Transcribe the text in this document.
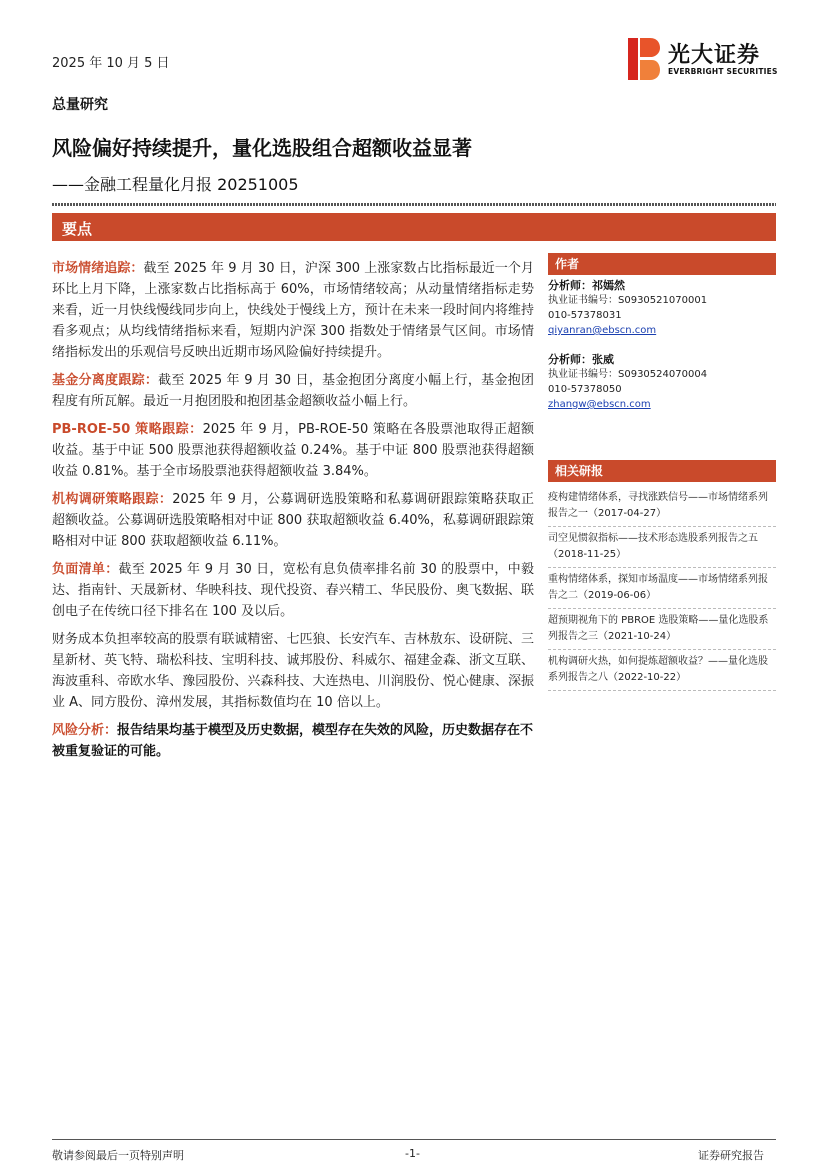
2025 年 10 月 5 日	光大证券
EVERBRIGHT SECURITIES
总量研究
风险偏好持续提升，量化选股组合超额收益显著
——金融工程量化月报 20251005
要点

市场情绪追踪：截至 2025 年 9 月 30 日，沪深 300 上涨家数占比指标最近一个月环比上月下降，上涨家数占比指标高于 60%，市场情绪较高；从动量情绪指标走势来看，近一月快线慢线同步向上，快线处于慢线上方，预计在未来一段时间内将维持看多观点；从均线情绪指标来看，短期内沪深 300 指数处于情绪景气区间。市场情绪指标发出的乐观信号反映出近期市场风险偏好持续提升。

基金分离度跟踪：截至 2025 年 9 月 30 日，基金抱团分离度小幅上行，基金抱团程度有所瓦解。最近一月抱团股和抱团基金超额收益小幅上行。

PB-ROE-50 策略跟踪：2025 年 9 月，PB-ROE-50 策略在各股票池取得正超额收益。基于中证 500 股票池获得超额收益 0.24%。基于中证 800 股票池获得超额收益 0.81%。基于全市场股票池获得超额收益 3.84%。

机构调研策略跟踪：2025 年 9 月，公募调研选股策略和私募调研跟踪策略获取正超额收益。公募调研选股策略相对中证 800 获取超额收益 6.40%，私募调研跟踪策略相对中证 800 获取超额收益 6.11%。

负面清单：截至 2025 年 9 月 30 日，宽松有息负债率排名前 30 的股票中，中毅达、指南针、天晟新材、华映科技、现代投资、春兴精工、华民股份、奥飞数据、联创电子在传统口径下排名在 100 及以后。

财务成本负担率较高的股票有联诚精密、七匹狼、长安汽车、吉林敖东、设研院、三星新材、英飞特、瑞松科技、宝明科技、诚邦股份、科威尔、福建金森、浙文互联、海波重科、帝欧水华、豫园股份、兴森科技、大连热电、川润股份、悦心健康、深振业 A、同方股份、漳州发展，其指标数值均在 10 倍以上。

风险分析：报告结果均基于模型及历史数据，模型存在失效的风险，历史数据存在不被重复验证的可能。
作者
分析师：祁嫣然
执业证书编号：S0930521070001
010-57378031
qiyanran@ebscn.com
分析师：张威
执业证书编号：S0930524070004
010-57378050
zhangw@ebscn.com
相关研报
疫构建情绪体系，寻找涨跌信号——市场情绪系列报告之一（2017-04-27）
司空见惯叙指标——技术形态选股系列报告之五（2018-11-25）
重构情绪体系，探知市场温度——市场情绪系列报告之二（2019-06-06）
超预期视角下的 PBROE 选股策略——量化选股系列报告之三（2021-10-24）
机构调研火热，如何提炼超额收益？——量化选股系列报告之八（2022-10-22）
敬请参阅最后一页特别声明	-1-	证券研究报告
